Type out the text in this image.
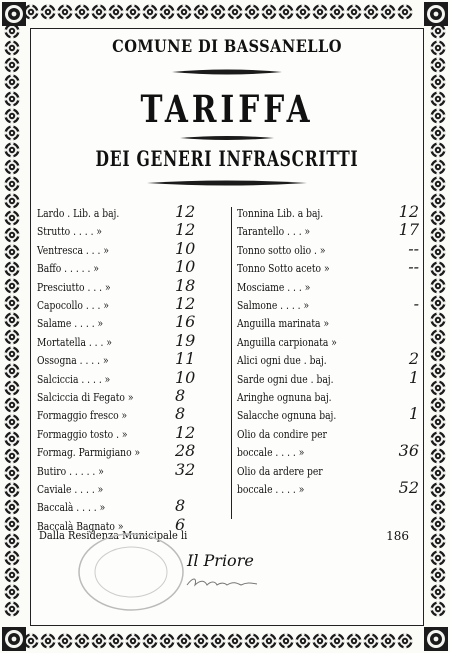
COMUNE DI BASSANELLO
TARIFFA
DEI GENERI INFRASCRITTI
Lardo . Lib. a baj.	12
Strutto . . . . »	12
Ventresca . . . »	10
Baffo . . . . . »	10
Presciutto . . . »	18
Capocollo . . . »	12
Salame . . . . »	16
Mortatella . . . »	19
Ossogna . . . . »	11
Salciccia . . . . »	10
Salciccia di Fegato »	8
Formaggio fresco »	8
Formaggio tosto . »	12
Formag. Parmigiano » 28
Butiro . . . . . »	32
Caviale . . . . »
Baccalà . . . . »	8
Baccalà Bagnato »	6
Tonnina Lib. a baj.	12
Tarantello . . . »	17
Tonno sotto olio . »	--
Tonno Sotto aceto »	--
Mosciame . . . »
Salmone . . . . »	-
Anguilla marinata »
Anguilla carpionata »
Alici ogni due . baj.	2
Sarde ogni due . baj.	1
Aringhe ognuna baj.
Salacche ognuna baj.	1
Olio da condire per
boccale . . . . »	36
Olio da ardere per
boccale . . . . »	52
Dalla Residenza Municipale li	186
Il Priore
